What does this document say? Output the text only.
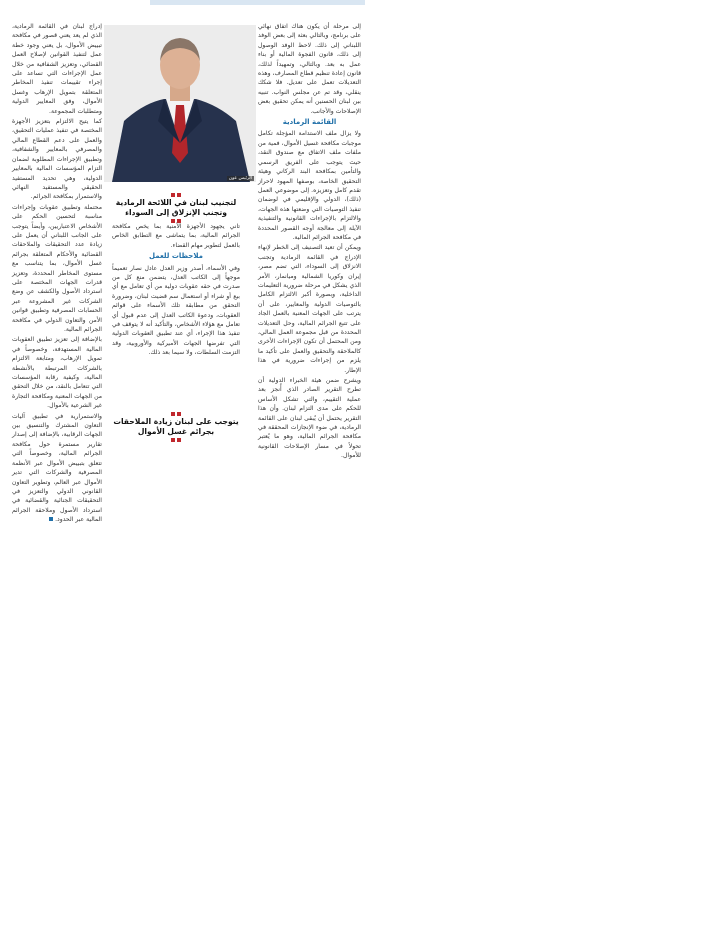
إلى مرحلة أن يكون هناك اتفاق نهائي على برنامج، وبالتالي بعثة إلى بعض الوفد اللبناني إلى ذلك. لاحظ الوفد الوصول إلى ذلك، قانون الفجوة المالية أو بناء عمل به بعد. وبالتالي، وتمهيداً لذلك، قانون إعادة تنظيم قطاع المصارف، وهذه التعديلات تعمل على تعديل. فلا شكك ينقلي، وقد تم عن مجلس النواب. تنبيه بين لبنان الحسنين أنه يمكن تحقيق بعض الإصلاحات والأجانب.

القائمة الرمادية

ولا يزال ملف الاستدامة المؤجلة تكامل موجبات مكافحة غسيل الأموال، فمية من ملفات ملف الاتفاق مع صندوق النقد، حيث يتوجب على الفريق الرسمي والتأمين بمكافحة البند الركاني وهيئة التحقيق الخاصة، بوصفها المهود لاحراز تقدم كامل وتعزيزه. إلى موضوعي العمل (ذلك)، الدولي والإقليمي في لوضمان تنفيذ التوصيات التي وضعتها هذه الجهات، والالتزام بالإجراءات القانونية والتنفيذية الآيلة إلى معالجة أوجه القصور المحددة في مكافحة الجرائم المالية.

ويمكن أن تعيد التصنيف إلى الخطر لإنهاء الإدراج في القائمة الرمادية وتجنب الانزلاق إلى السوداء، التي تضم مصر، إيران وكوريا الشمالية وميانمار، الأمر الذي يشكل في مرحلة ضرورية التعليمات الداخلية، وبصورة أكبر الالتزام الكامل بالتوصيات الدولية والمعايير، على أن يترتب على الجهات المعنية بالعمل الجاد على تتبع الجرائم المالية، وحل التعديلات المحددة من قبل مجموعة العمل المالي، ومن المحتمل أن تكون الإجراءات الأخرى كالملاحقة والتحقيق والعمل على تأكيد ما يلزم من إجراءات ضرورية في هذا الإطار.

ويشرح ضمن هيئة الخبراء الدولية أن تطرح التقرير الصادر الذي أُنجز بعد عملية التقييم، والتي تشكل الأساس للحكم على مدى التزام لبنان. وأن هذا التقرير يحتمل أن يُبقى لبنان على القائمة الرمادية، في ضوء الإنجازات المحققة في مكافحة الجرائم المالية، وهو ما يُعتبر تحولاً في مسار الإصلاحات القانونية للأموال.

الرئيس عون
لتجنيب لبنان في اللائحة الرمادية وتجنب الإنزلاق إلى السوداء

تاني يجهود الأجهزة الأمنية بما يخص مكافحة الجرائم المالية، بما يتماشى مع التطابق الخاص بالعمل لتطوير مهام القضاء.

ملاحظات للعمل

وفي الأسماء، أصدر وزير العدل عادل نصار تعميماً موجهاً إلى الكاتب العدل، يتضمن منع كل من صدرت في حقه عقوبات دولية من أي تعامل مع أي بيع أو شراء أو استعمال سم قضيت لبنان، وضرورة التحقق من مطابقة تلك الأسماء على قوائم العقوبات، ودعوة الكاتب العدل إلى عدم قبول أي تعامل مع هؤلاء الأشخاص، والتأكيد أنه لا يتوقف في تنفيذ هذا الإجراء، أي عند تطبيق العقوبات الدولية التي تفرضها الجهات الأميركية والأوروبية، وقد التزمت السلطات، ولا سيما بعد ذلك.

يتوجب على لبنان زيادة الملاحقات بجرائم غسل الأموال

إدراج لبنان في القائمة الرمادية، الذي لم يعد يعني قصور في مكافحة تبييض الأموال، بل يعني وجود خطة عمل لتنفيذ القوانين لإصلاح العمل القضائي، وتعزيز الشفافية من خلال عمل الإجراءات التي تساعد على إجراء تقييمات تنفيذ المخاطر المتعلقة بتمويل الإرهاب وغسل الأموال، وفق المعايير الدولية ومتطلبات المجموعة.

كما يتيح الالتزام بتعزيز الأجهزة المختصة في تنفيذ عمليات التحقيق، والعمل على دعم القطاع المالي والمصرفي بالمعايير والشفافية، وتطبيق الإجراءات المطلوبة لضمان التزام المؤسسات المالية بالمعايير الدولية، وهي تحديد المستفيد الحقيقي والمستفيد النهائي والاستمرار بمكافحة الجرائم.

محتملة وتطبيق عقوبات وإجراءات مناسبة لتحسين الحكم على الأشخاص الاعتباريين، وأيضاً يتوجب على الجانب اللبناني أن يعمل على زيادة عدد التحقيقات والملاحقات القضائية والأحكام المتعلقة بجرائم غسل الأموال، بما يتناسب مع مستوى المخاطر المحددة، وتعزيز قدرات الجهات المختصة على استرداد الأصول والكشف عن وضع الشركات غير المشروعة عبر الحسابات المصرفية وتطبيق قوانين الأمن والتعاون الدولي في مكافحة الجرائم المالية.

بالإضافة إلى تعزيز تطبيق العقوبات المالية المستهدفة، وخصوصاً في تمويل الإرهاب، ومتابعة الالتزام بالشركات المرتبطة بالأنشطة المالية، وكيفية رقابة المؤسسات التي تتعامل بالنقد، من خلال التحقق من الجهات المعنية ومكافحة التجارة غير الشرعية بالأموال.

والاستمرارية في تطبيق آليات التعاون المشترك والتنسيق بين الجهات الرقابية، بالإضافة إلى إصدار تقارير مستمرة حول مكافحة الجرائم المالية، وخصوصاً التي تتعلق بتبييض الأموال عبر الأنظمة المصرفية والشركات التي تدير الأموال عبر العالم، وتطوير التعاون القانوني الدولي والتعزيز في التحقيقات الجنائية والقضائية في استرداد الأصول وملاحقة الجرائم المالية عبر الحدود.
